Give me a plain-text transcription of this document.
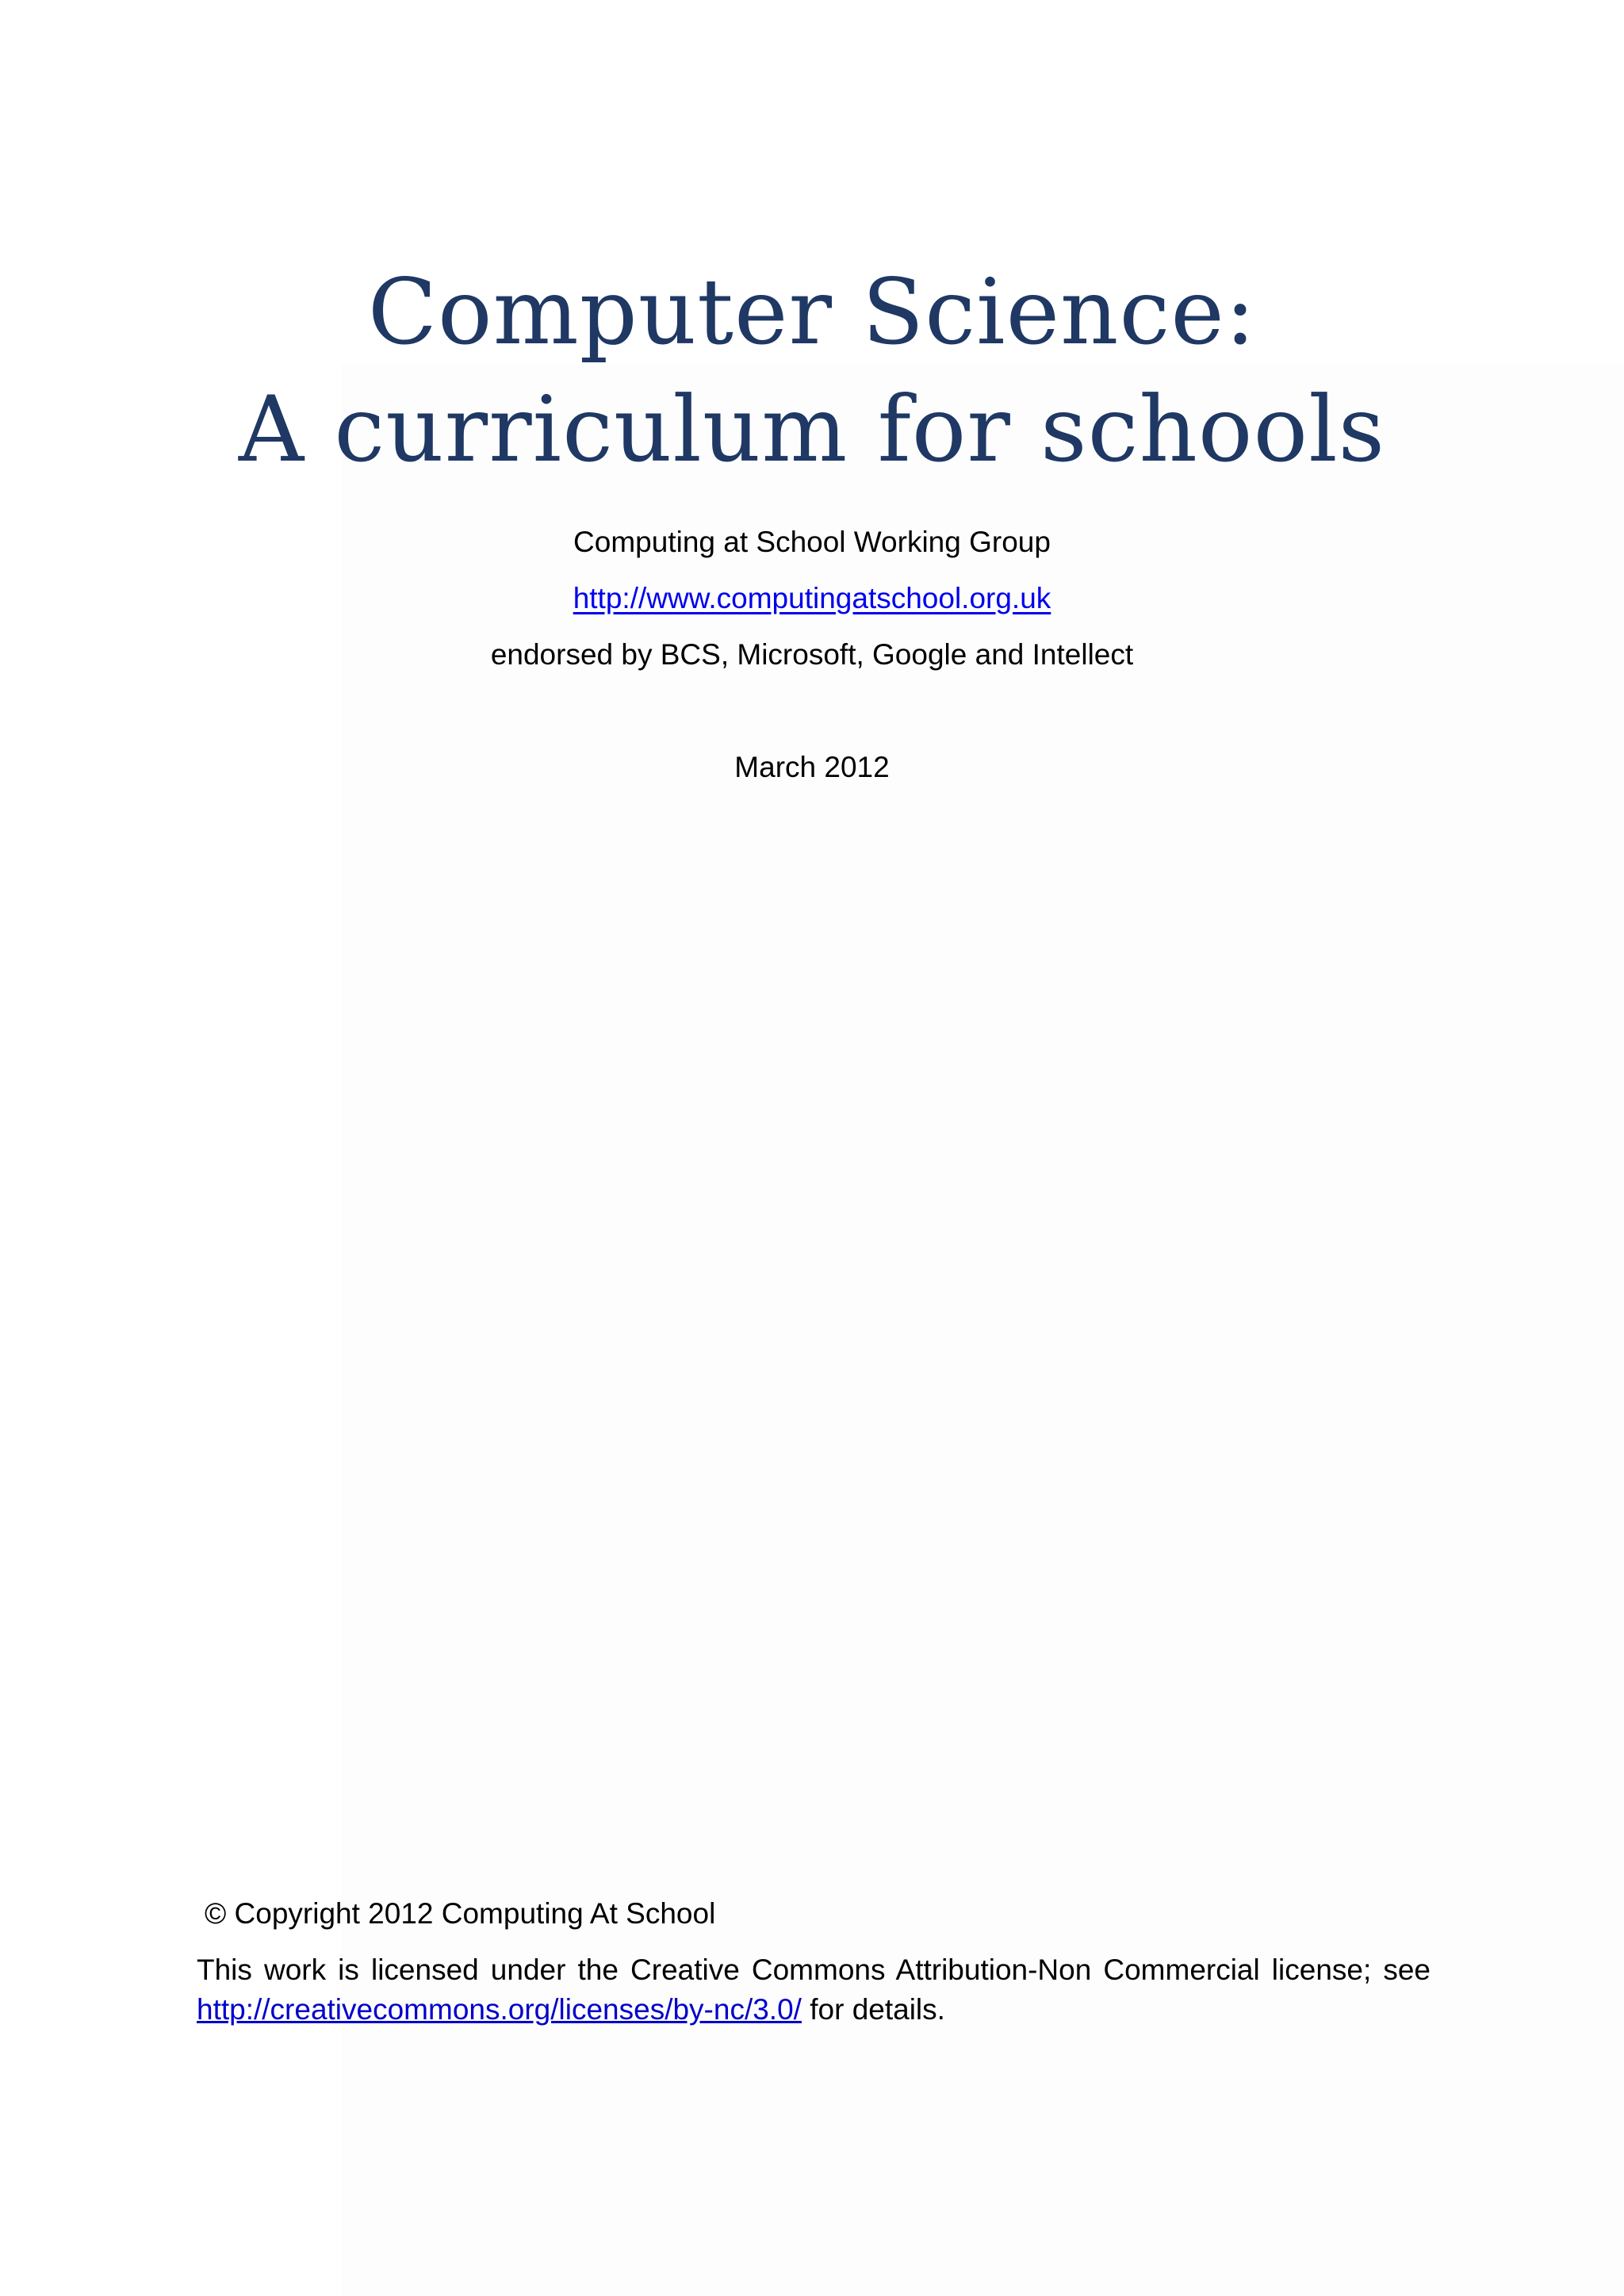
Computer Science:
A curriculum for schools
Computing at School Working Group
http://www.computingatschool.org.uk
endorsed by BCS, Microsoft, Google and Intellect
March 2012
© Copyright 2012 Computing At School
This work is licensed under the Creative Commons Attribution-Non Commercial license; see http://creativecommons.org/licenses/by-nc/3.0/ for details.
